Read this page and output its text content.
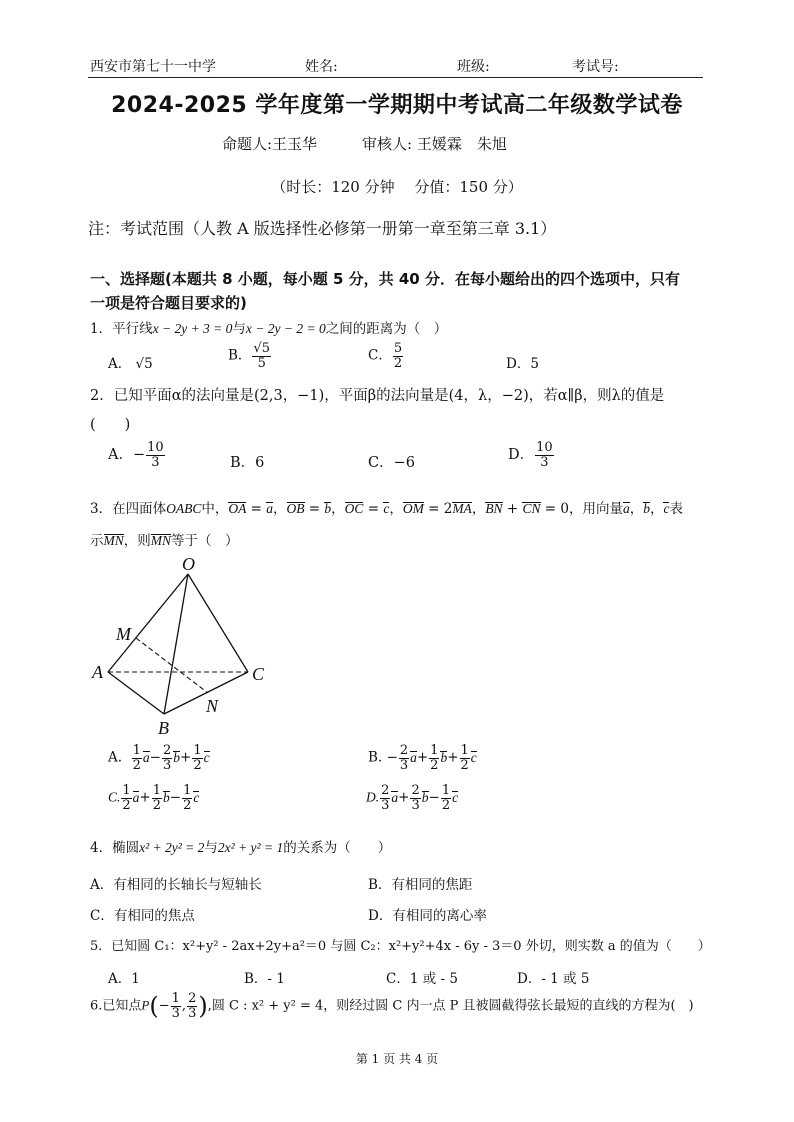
西安市第七十一中学	姓名:	班级:	考试号:
2024-2025 学年度第一学期期中考试高二年级数学试卷
命题人:王玉华　　　审核人: 王媛霖　朱旭
（时长：120 分钟　 分值：150 分）
注：考试范围（人教 A 版选择性必修第一册第一章至第三章 3.1）
一、选择题(本题共 8 小题，每小题 5 分，共 40 分．在每小题给出的四个选项中，只有
一项是符合题目要求的)
1．平行线x − 2y + 3 = 0与x − 2y − 2 = 0之间的距离为（　）
A． √5
B． $\frac{√5}{5}$	C． $\frac{5}{2}$	D．5
2．已知平面α的法向量是(2,3，−1)，平面β的法向量是(4，λ，−2)，若α∥β，则λ的值是
(　　)
A．− $\frac{10}{3}$	B．6	C．−6	D． $\frac{10}{3}$
3．在四面体OABC中，OA = a，OB = b，OC = c，OM = 2MA，BN + CN = 0，用向量a，b，c表
示MN，则MN等于（　）
O
M
A	C
B
N
A. $\frac{1}{2} a- \frac{2}{3} b+ \frac{1}{2}$ c	B. − $\frac{2}{3} a+ \frac{1}{2} b+ \frac{1}{2}$ c
C. $\frac{1}{2} a+ \frac{1}{2} b- \frac{1}{2}$ c	D. $\frac{2}{3} a+ \frac{2}{3} b- \frac{1}{2}$ c
4．椭圆x² + 2y² = 2与2x² + y² = 1的关系为（　　）
A．有相同的长轴长与短轴长	B．有相同的焦距
C．有相同的焦点	D．有相同的离心率
5．已知圆 C₁：x²+y² - 2ax+2y+a²＝0 与圆 C₂：x²+y²+4x - 6y - 3＝0 外切，则实数 a 的值为（　　）
A．1	B．- 1	C．1 或 - 5	D．- 1 或 5
6.已知点$P(- \frac{1}{3}$ , $\frac{2}{3}$ ),圆 C : x² + y² = 4，则经过圆 C 内一点 P 且被圆截得弦长最短的直线的方程为(　)
第 1 页 共 4 页
